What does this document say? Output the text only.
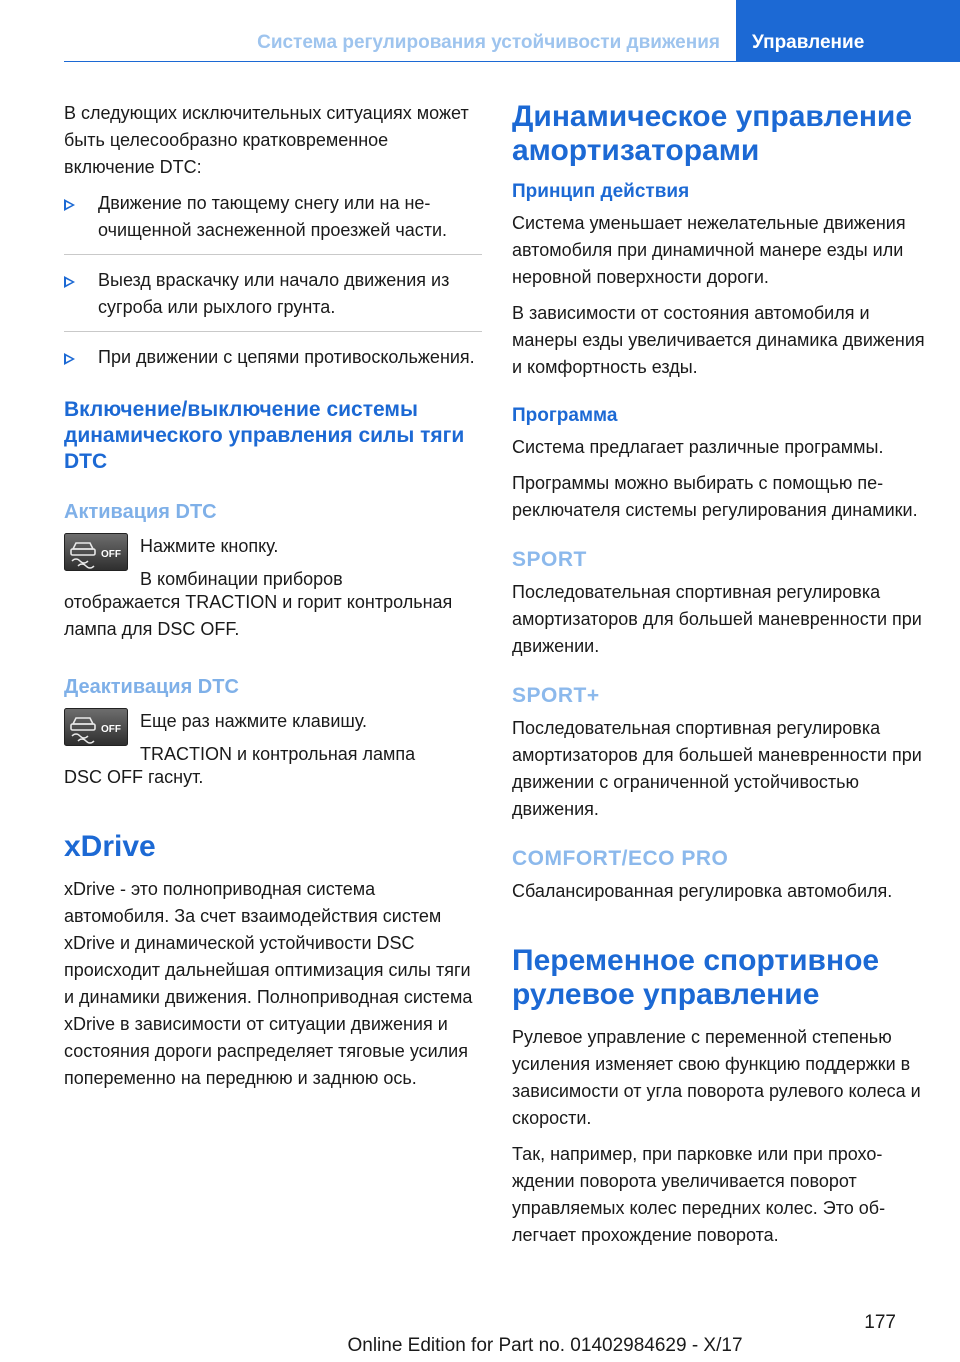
Система регулирования устойчивости движения	Управление

В следующих исключительных ситуациях может быть целесообразно кратковременное включение DTC:

Движение по тающему снегу или на неочищенной заснеженной проезжей части.
Выезд враскачку или начало движения из сугроба или рыхлого грунта.
При движении с цепями противоскольжения.
Включение/выключение системы динамического управления силы тяги DTC
Активация DTC
OFF Нажмите кнопку.

В комбинации приборов

отображается TRACTION и горит контрольная лампа для DSC OFF.

Деактивация DTC
OFF Еще раз нажмите клавишу.

TRACTION и контрольная лампа

DSC OFF гаснут.

xDrive

xDrive - это полноприводная система автомобиля. За счет взаимодействия систем xDrive и динамической устойчивости DSC происходит дальнейшая оптимизация силы тяги и динамики движения. Полноприводная система xDrive в зависимости от ситуации движения и состояния дороги распределяет тяговые усилия попеременно на переднюю и заднюю ось.

Динамическое управление амортизаторами
Принцип действия

Система уменьшает нежелательные движения автомобиля при динамичной манере езды или неровной поверхности дороги.

В зависимости от состояния автомобиля и манеры езды увеличивается динамика движения и комфортность езды.

Программа

Система предлагает различные программы.

Программы можно выбирать с помощью переключателя системы регулирования динамики.

SPORT

Последовательная спортивная регулировка амортизаторов для большей маневренности при движении.

SPORT+

Последовательная спортивная регулировка амортизаторов для большей маневренности при движении с ограниченной устойчивостью движения.

COMFORT/ECO PRO

Сбалансированная регулировка автомобиля.

Переменное спортивное рулевое управление

Рулевое управление с переменной степенью усиления изменяет свою функцию поддержки в зависимости от угла поворота рулевого колеса и скорости.

Так, например, при парковке или при прохождении поворота увеличивается поворот управляемых колес передних колес. Это облегчает прохождение поворота.

177
Online Edition for Part no. 01402984629 - X/17
